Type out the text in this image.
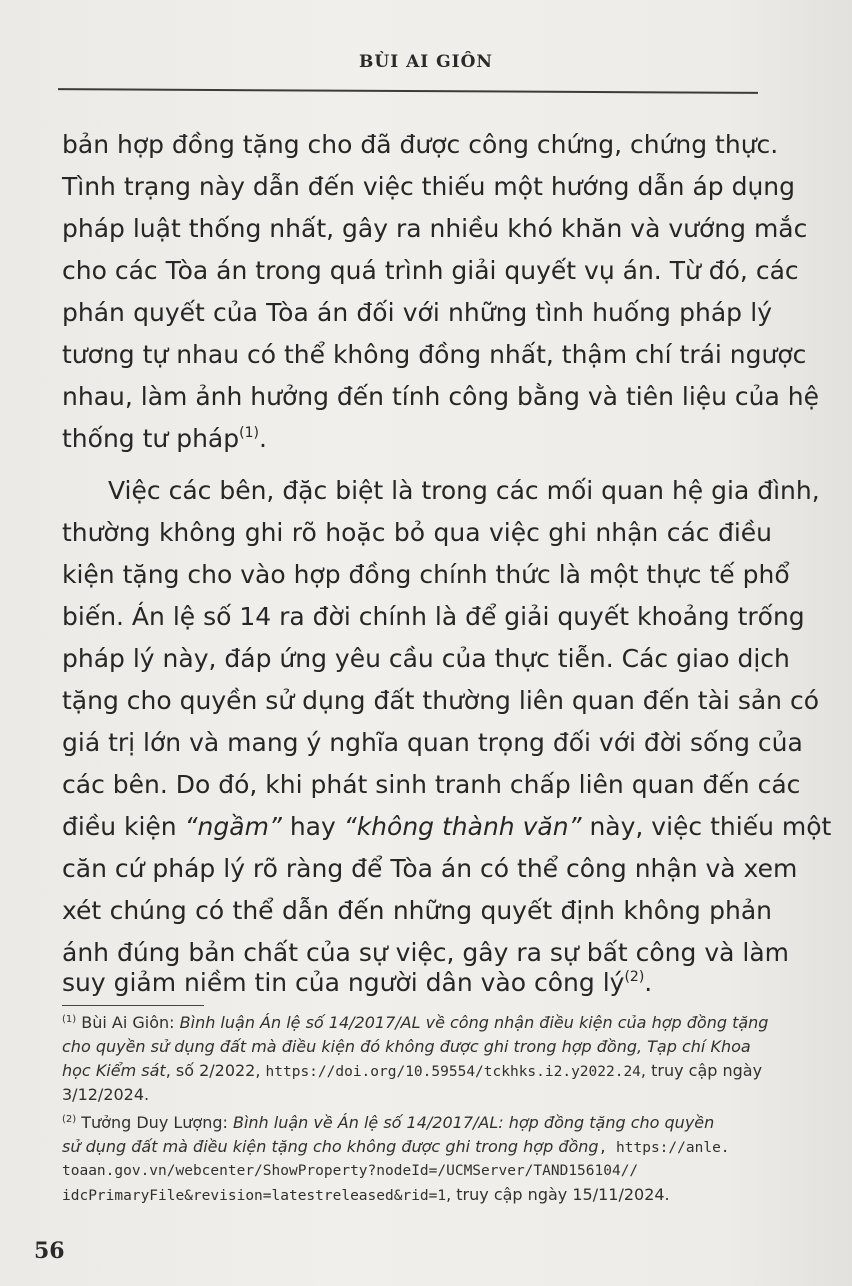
BÙI AI GIÔN
bản hợp đồng tặng cho đã được công chứng, chứng thực.
Tình trạng này dẫn đến việc thiếu một hướng dẫn áp dụng
pháp luật thống nhất, gây ra nhiều khó khăn và vướng mắc
cho các Tòa án trong quá trình giải quyết vụ án. Từ đó, các
phán quyết của Tòa án đối với những tình huống pháp lý
tương tự nhau có thể không đồng nhất, thậm chí trái ngược
nhau, làm ảnh hưởng đến tính công bằng và tiên liệu của hệ
thống tư pháp$^{(1)}$.
Việc các bên, đặc biệt là trong các mối quan hệ gia đình,
thường không ghi rõ hoặc bỏ qua việc ghi nhận các điều
kiện tặng cho vào hợp đồng chính thức là một thực tế phổ
biến. Án lệ số 14 ra đời chính là để giải quyết khoảng trống
pháp lý này, đáp ứng yêu cầu của thực tiễn. Các giao dịch
tặng cho quyền sử dụng đất thường liên quan đến tài sản có
giá trị lớn và mang ý nghĩa quan trọng đối với đời sống của
các bên. Do đó, khi phát sinh tranh chấp liên quan đến các
điều kiện “ngầm” hay “không thành văn” này, việc thiếu một
căn cứ pháp lý rõ ràng để Tòa án có thể công nhận và xem
xét chúng có thể dẫn đến những quyết định không phản
ánh đúng bản chất của sự việc, gây ra sự bất công và làm
suy giảm niềm tin của người dân vào công $lý^{(2)}$.
$^{(1)}$ Bùi Ai Giôn: Bình luận Án lệ số 14/2017/AL về công nhận điều kiện của hợp đồng tặng
cho quyền sử dụng đất mà điều kiện đó không được ghi trong hợp đồng, Tạp chí Khoa
học Kiểm sát, số 2/2022, https://doi.org/10.59554/tckhks.i2.y2022.24, truy cập ngày
3/12/2024.
$^{(2)}$ Tưởng Duy Lượng: Bình luận về Án lệ số 14/2017/AL: hợp đồng tặng cho quyền
sử dụng đất mà điều kiện tặng cho không được ghi trong hợp đồng, https://anle.
toaan.gov.vn/webcenter/ShowProperty?nodeId=/UCMServer/TAND156104//
idcPrimaryFile&revision=latestreleased&rid=1, truy cập ngày 15/11/2024.
56
